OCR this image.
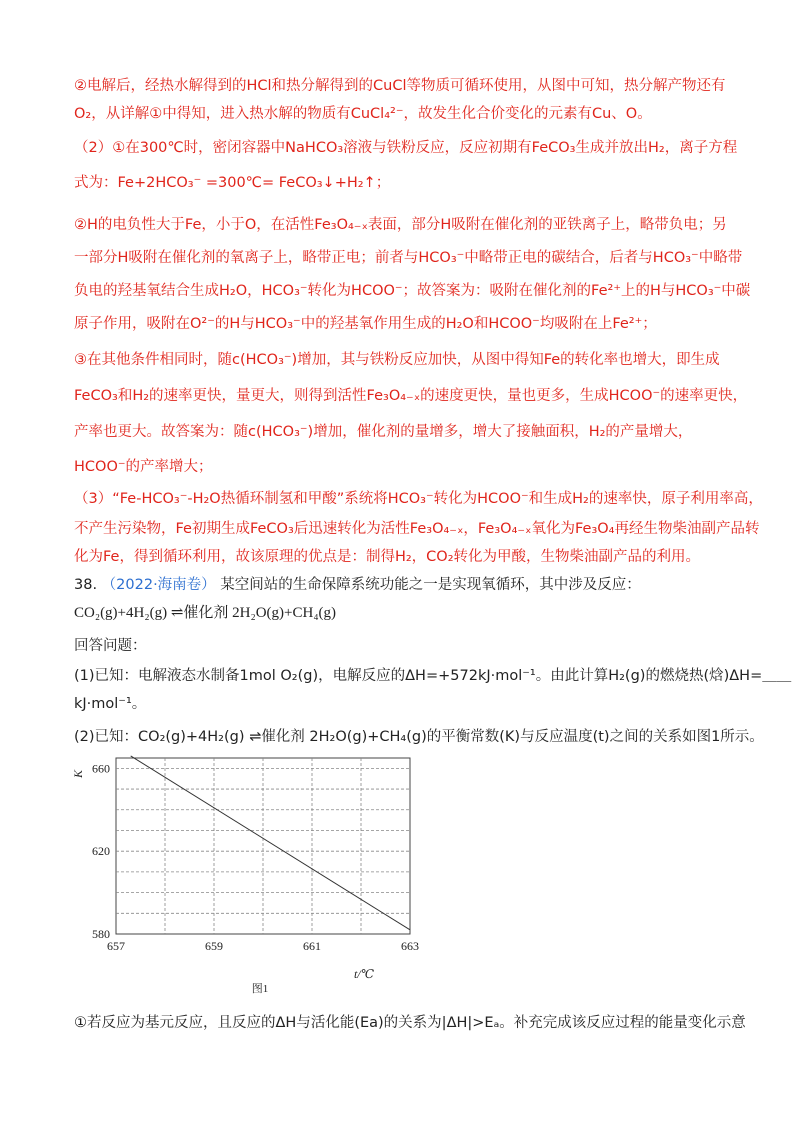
②电解后，经热水解得到的HCl和热分解得到的CuCl等物质可循环使用，从图中可知，热分解产物还有
O₂，从详解①中得知，进入热水解的物质有CuCl₄²⁻，故发生化合价变化的元素有Cu、O。
（2）①在300℃时，密闭容器中NaHCO₃溶液与铁粉反应，反应初期有FeCO₃生成并放出H₂，离子方程
式为：Fe+2HCO₃⁻ =300℃= FeCO₃↓+H₂↑；
②H的电负性大于Fe，小于O，在活性Fe₃O₄₋ₓ表面，部分H吸附在催化剂的亚铁离子上，略带负电；另
一部分H吸附在催化剂的氧离子上，略带正电；前者与HCO₃⁻中略带正电的碳结合，后者与HCO₃⁻中略带
负电的羟基氧结合生成H₂O，HCO₃⁻转化为HCOO⁻；故答案为：吸附在催化剂的Fe²⁺上的H与HCO₃⁻中碳
原子作用，吸附在O²⁻的H与HCO₃⁻中的羟基氧作用生成的H₂O和HCOO⁻均吸附在上Fe²⁺；
③在其他条件相同时，随c(HCO₃⁻)增加，其与铁粉反应加快，从图中得知Fe的转化率也增大，即生成
FeCO₃和H₂的速率更快，量更大，则得到活性Fe₃O₄₋ₓ的速度更快，量也更多，生成HCOO⁻的速率更快，
产率也更大。故答案为：随c(HCO₃⁻)增加，催化剂的量增多，增大了接触面积，H₂的产量增大，
HCOO⁻的产率增大；
（3）“Fe-HCO₃⁻-H₂O热循环制氢和甲酸”系统将HCO₃⁻转化为HCOO⁻和生成H₂的速率快，原子利用率高，
不产生污染物，Fe初期生成FeCO₃后迅速转化为活性Fe₃O₄₋ₓ，Fe₃O₄₋ₓ氧化为Fe₃O₄再经生物柴油副产品转
化为Fe，得到循环利用，故该原理的优点是：制得H₂，CO₂转化为甲酸，生物柴油副产品的利用。
38. （2022·海南卷） 某空间站的生命保障系统功能之一是实现氧循环，其中涉及反应：
CO₂(g)+4H₂(g) ⇌催化剂 2H₂O(g)+CH₄(g)
回答问题：
(1)已知：电解液态水制备1mol O₂(g)，电解反应的ΔH=+572kJ·mol⁻¹。由此计算H₂(g)的燃烧热(焓)ΔH=＿＿
kJ·mol⁻¹。
(2)已知：CO₂(g)+4H₂(g) ⇌催化剂 2H₂O(g)+CH₄(g)的平衡常数(K)与反应温度(t)之间的关系如图1所示。
657	659	661	663
660
620
580
K
t/℃
图1
①若反应为基元反应，且反应的ΔH与活化能(Ea)的关系为|ΔH|>Eₐ。补充完成该反应过程的能量变化示意
